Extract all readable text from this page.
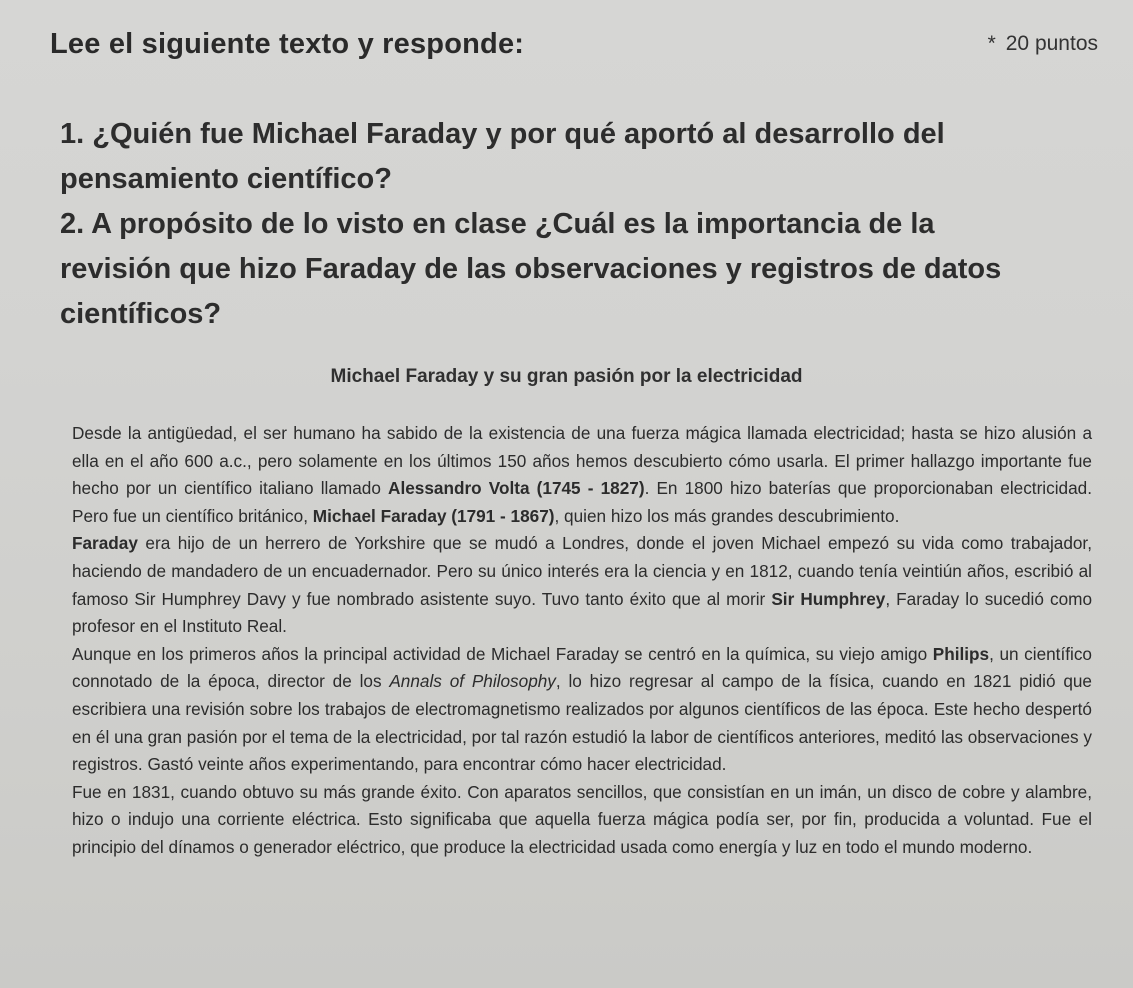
Lee el siguiente texto y responde:	* 20 puntos

1. ¿Quién fue Michael Faraday y por qué aportó al desarrollo del pensamiento científico?

2. A propósito de lo visto en clase ¿Cuál es la importancia de la revisión que hizo Faraday de las observaciones y registros de datos científicos?

Michael Faraday y su gran pasión por la electricidad

Desde la antigüedad, el ser humano ha sabido de la existencia de una fuerza mágica llamada electricidad; hasta se hizo alusión a ella en el año 600 a.c., pero solamente en los últimos 150 años hemos descubierto cómo usarla. El primer hallazgo importante fue hecho por un científico italiano llamado Alessandro Volta (1745 - 1827). En 1800 hizo baterías que proporcionaban electricidad. Pero fue un científico británico, Michael Faraday (1791 - 1867), quien hizo los más grandes descubrimiento.

Faraday era hijo de un herrero de Yorkshire que se mudó a Londres, donde el joven Michael empezó su vida como trabajador, haciendo de mandadero de un encuadernador. Pero su único interés era la ciencia y en 1812, cuando tenía veintiún años, escribió al famoso Sir Humphrey Davy y fue nombrado asistente suyo. Tuvo tanto éxito que al morir Sir Humphrey, Faraday lo sucedió como profesor en el Instituto Real.

Aunque en los primeros años la principal actividad de Michael Faraday se centró en la química, su viejo amigo Philips, un científico connotado de la época, director de los Annals of Philosophy, lo hizo regresar al campo de la física, cuando en 1821 pidió que escribiera una revisión sobre los trabajos de electromagnetismo realizados por algunos científicos de las época. Este hecho despertó en él una gran pasión por el tema de la electricidad, por tal razón estudió la labor de científicos anteriores, meditó las observaciones y registros. Gastó veinte años experimentando, para encontrar cómo hacer electricidad.

Fue en 1831, cuando obtuvo su más grande éxito. Con aparatos sencillos, que consistían en un imán, un disco de cobre y alambre, hizo o indujo una corriente eléctrica. Esto significaba que aquella fuerza mágica podía ser, por fin, producida a voluntad. Fue el principio del dínamos o generador eléctrico, que produce la electricidad usada como energía y luz en todo el mundo moderno.
